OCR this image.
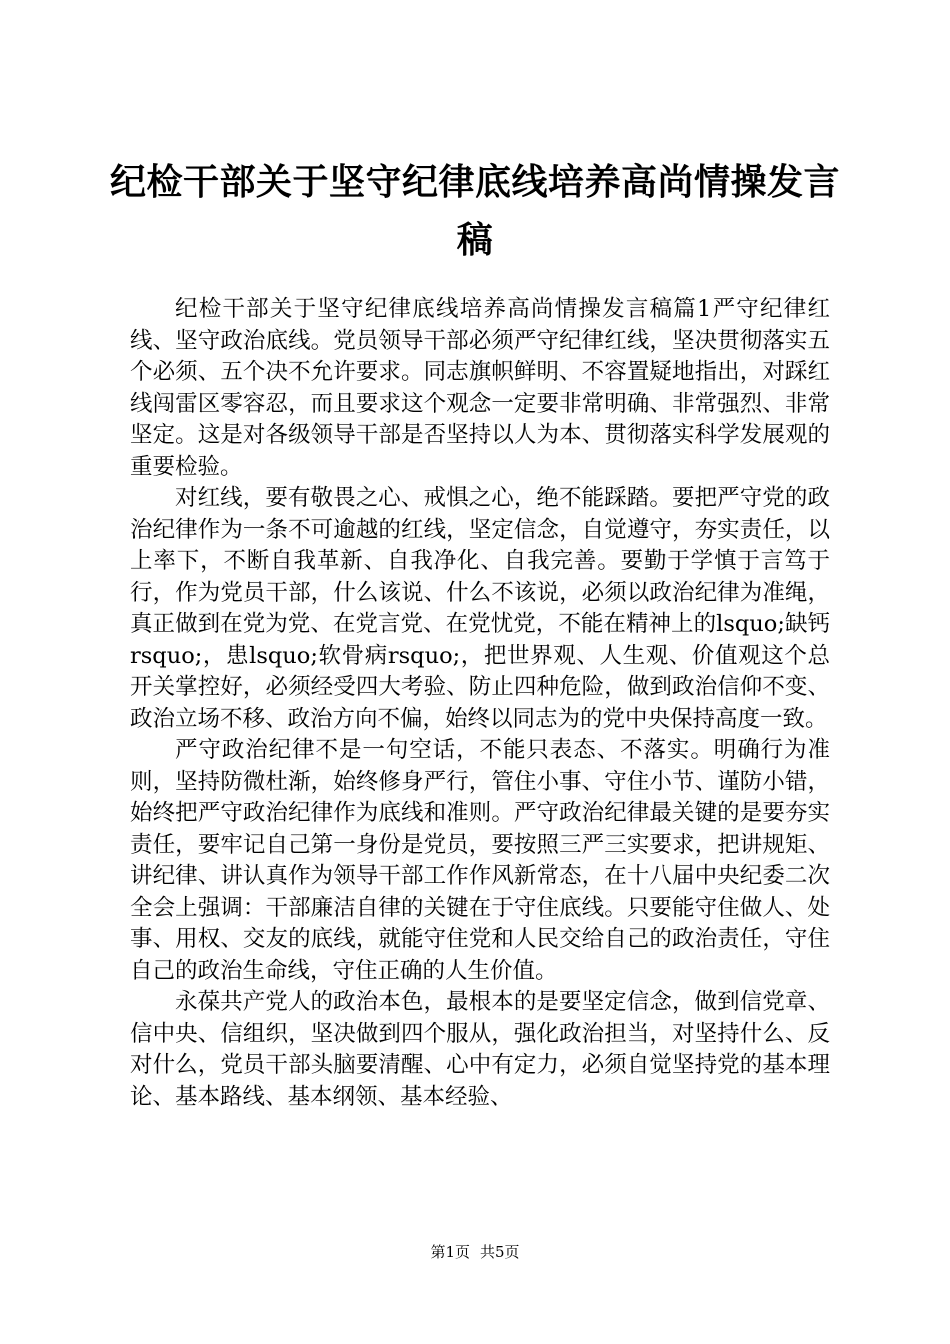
纪检干部关于坚守纪律底线培养高尚情操发言稿

纪检干部关于坚守纪律底线培养高尚情操发言稿篇1严守纪律红线、坚守政治底线。党员领导干部必须严守纪律红线，坚决贯彻落实五个必须、五个决不允许要求。同志旗帜鲜明、不容置疑地指出，对踩红线闯雷区零容忍，而且要求这个观念一定要非常明确、非常强烈、非常坚定。这是对各级领导干部是否坚持以人为本、贯彻落实科学发展观的重要检验。

对红线，要有敬畏之心、戒惧之心，绝不能踩踏。要把严守党的政治纪律作为一条不可逾越的红线，坚定信念，自觉遵守，夯实责任，以上率下，不断自我革新、自我净化、自我完善。要勤于学慎于言笃于行，作为党员干部，什么该说、什么不该说，必须以政治纪律为准绳，真正做到在党为党、在党言党、在党忧党，不能在精神上的lsquo;缺钙rsquo;，患lsquo;软骨病rsquo;，把世界观、人生观、价值观这个总开关掌控好，必须经受四大考验、防止四种危险，做到政治信仰不变、政治立场不移、政治方向不偏，始终以同志为的党中央保持高度一致。

严守政治纪律不是一句空话，不能只表态、不落实。明确行为准则，坚持防微杜渐，始终修身严行，管住小事、守住小节、谨防小错，始终把严守政治纪律作为底线和准则。严守政治纪律最关键的是要夯实责任，要牢记自己第一身份是党员，要按照三严三实要求，把讲规矩、讲纪律、讲认真作为领导干部工作作风新常态，在十八届中央纪委二次全会上强调：干部廉洁自律的关键在于守住底线。只要能守住做人、处事、用权、交友的底线，就能守住党和人民交给自己的政治责任，守住自己的政治生命线，守住正确的人生价值。

永葆共产党人的政治本色，最根本的是要坚定信念，做到信党章、信中央、信组织，坚决做到四个服从，强化政治担当，对坚持什么、反对什么，党员干部头脑要清醒、心中有定力，必须自觉坚持党的基本理论、基本路线、基本纲领、基本经验、

第1页 共5页
